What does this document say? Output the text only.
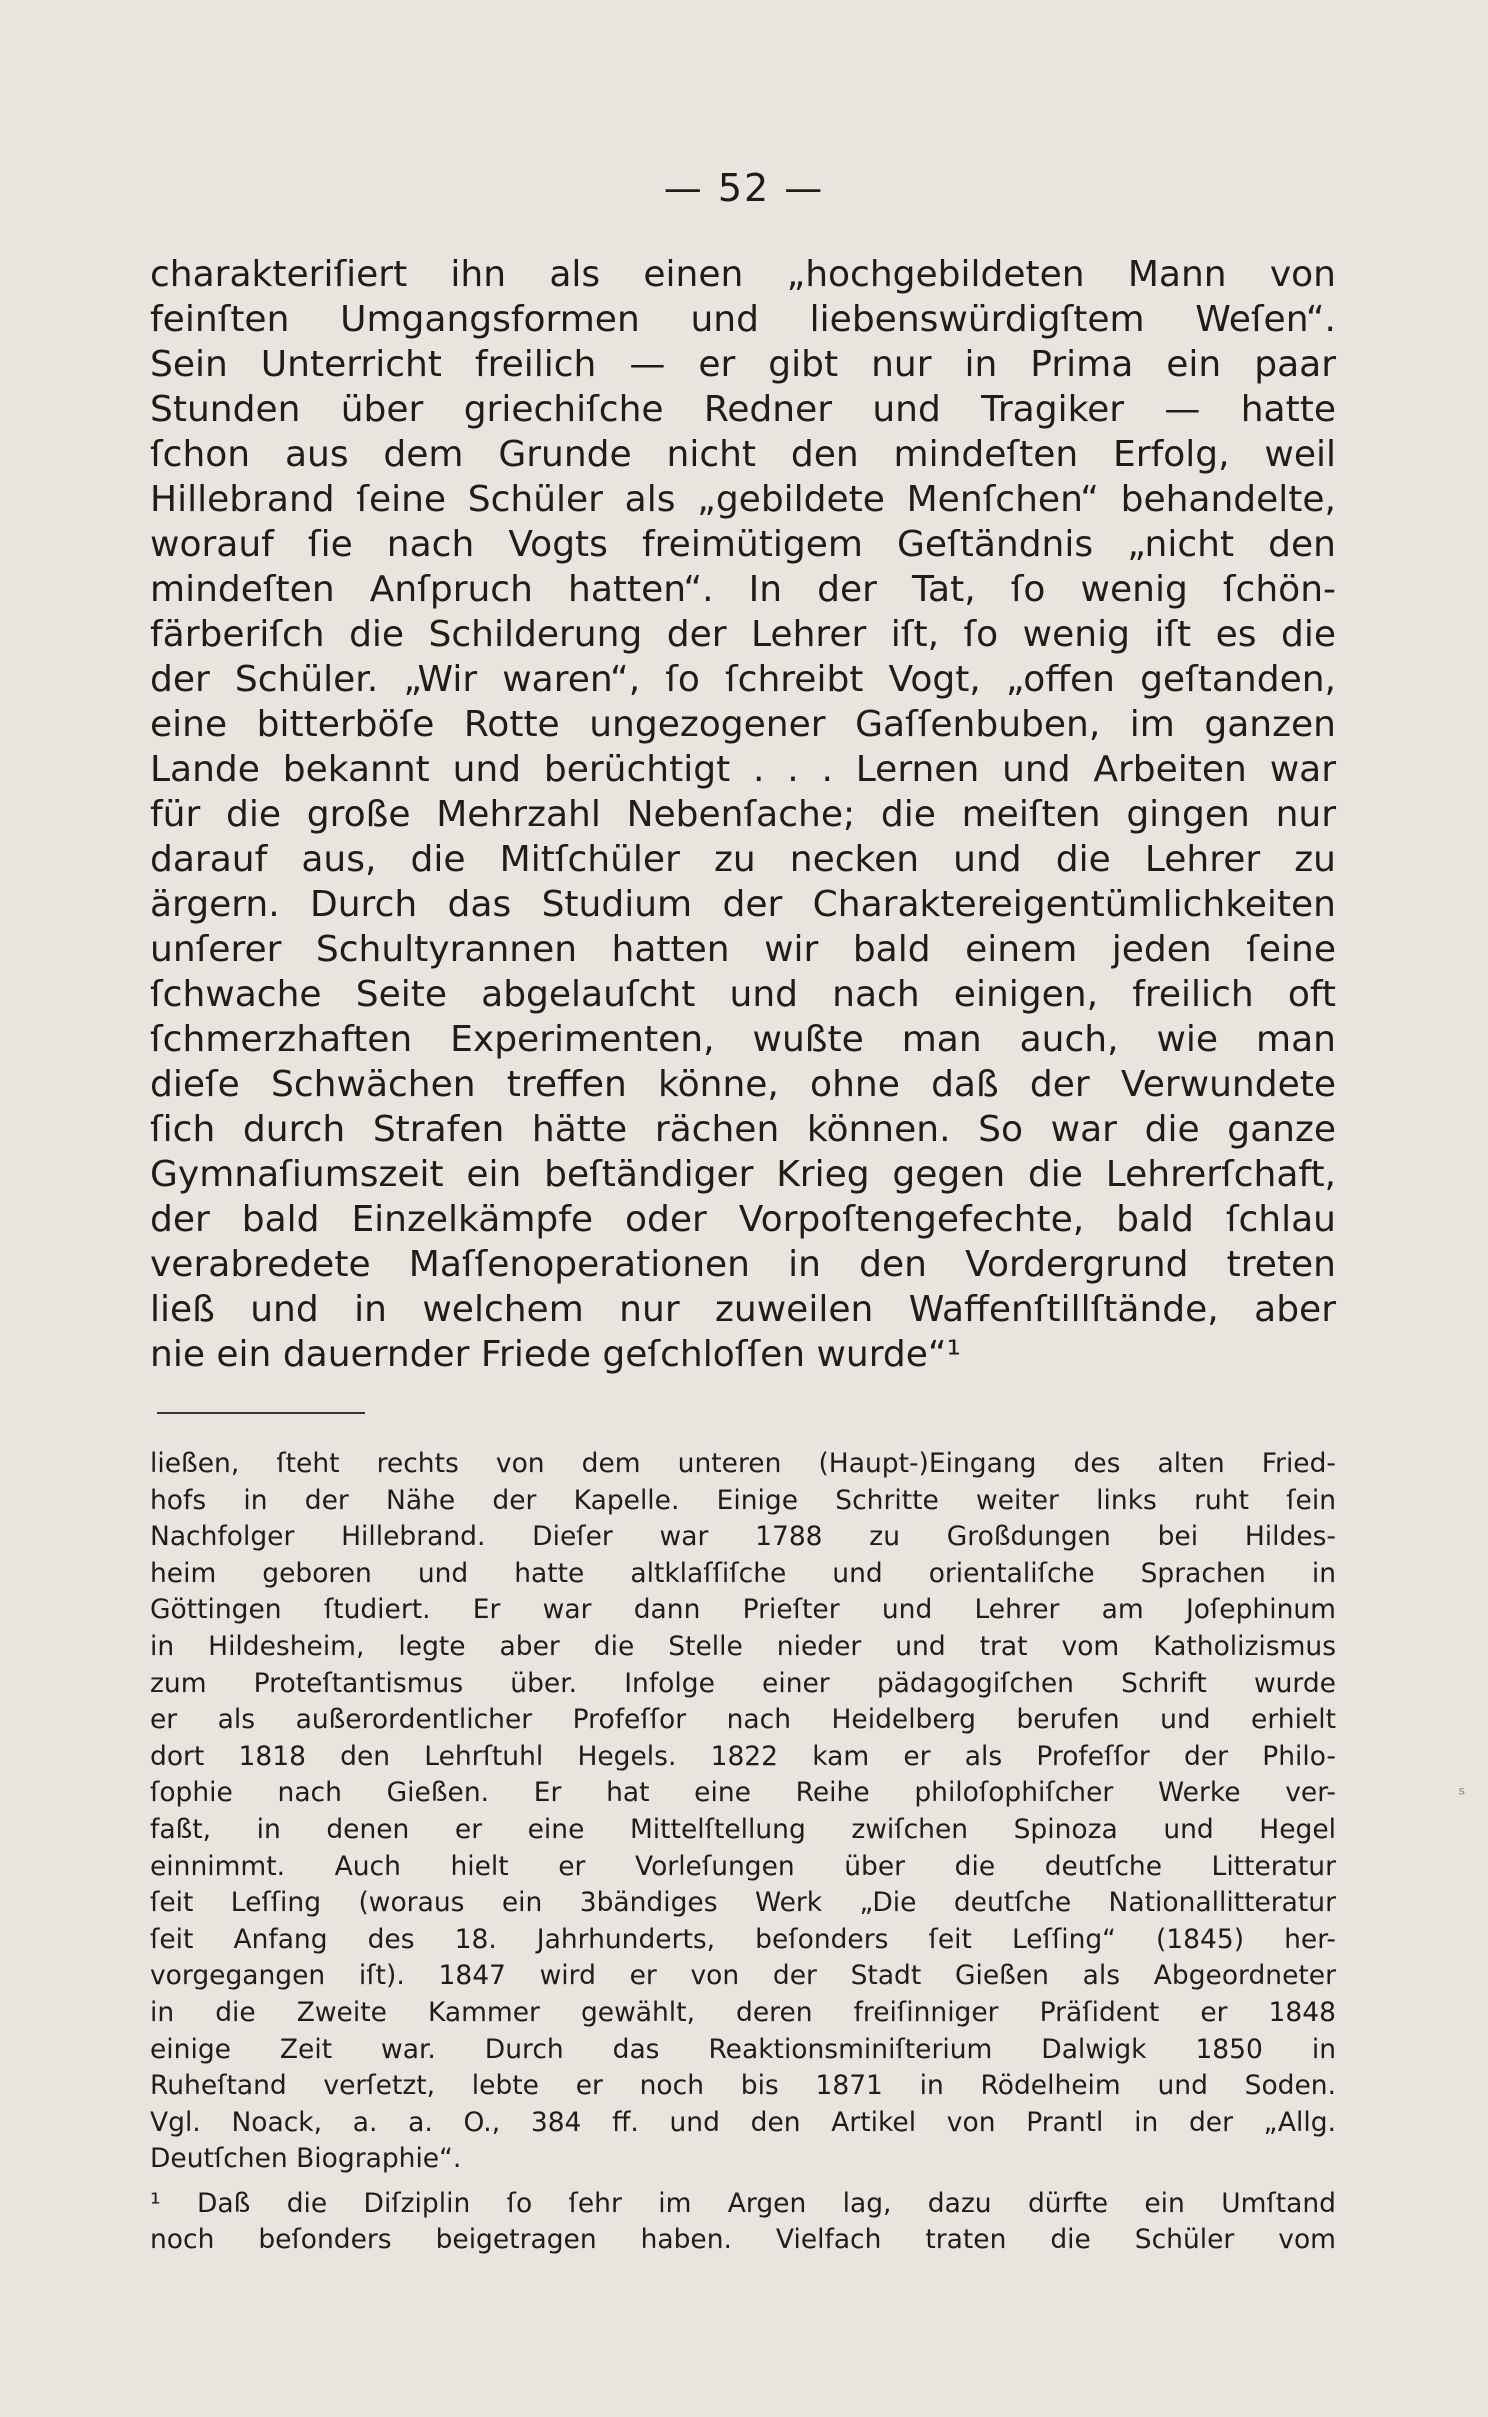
— 52 —
charakteriſiert ihn als einen „hochgebildeten Mann von
feinſten Umgangsformen und liebenswürdigſtem Weſen“.
Sein Unterricht freilich — er gibt nur in Prima ein paar
Stunden über griechiſche Redner und Tragiker — hatte
ſchon aus dem Grunde nicht den mindeſten Erfolg, weil
Hillebrand ſeine Schüler als „gebildete Menſchen“ behandelte,
worauf ſie nach Vogts freimütigem Geſtändnis „nicht den
mindeſten Anſpruch hatten“. In der Tat, ſo wenig ſchön-
färberiſch die Schilderung der Lehrer iſt, ſo wenig iſt es die
der Schüler. „Wir waren“, ſo ſchreibt Vogt, „offen geſtanden,
eine bitterböſe Rotte ungezogener Gaſſenbuben, im ganzen
Lande bekannt und berüchtigt . . . Lernen und Arbeiten war
für die große Mehrzahl Nebenſache; die meiſten gingen nur
darauf aus, die Mitſchüler zu necken und die Lehrer zu
ärgern. Durch das Studium der Charaktereigentümlichkeiten
unſerer Schultyrannen hatten wir bald einem jeden ſeine
ſchwache Seite abgelauſcht und nach einigen, freilich oft
ſchmerzhaften Experimenten, wußte man auch, wie man
dieſe Schwächen treffen könne, ohne daß der Verwundete
ſich durch Strafen hätte rächen können. So war die ganze
Gymnaſiumszeit ein beſtändiger Krieg gegen die Lehrerſchaft,
der bald Einzelkämpfe oder Vorpoſtengefechte, bald ſchlau
verabredete Maſſenoperationen in den Vordergrund treten
ließ und in welchem nur zuweilen Waffenſtillſtände, aber
nie ein dauernder Friede geſchloſſen wurde“¹
ließen, ſteht rechts von dem unteren (Haupt-)Eingang des alten Fried-
hofs in der Nähe der Kapelle. Einige Schritte weiter links ruht ſein
Nachfolger Hillebrand. Dieſer war 1788 zu Großdungen bei Hildes-
heim geboren und hatte altklaſſiſche und orientaliſche Sprachen in
Göttingen ſtudiert. Er war dann Prieſter und Lehrer am Joſephinum
in Hildesheim, legte aber die Stelle nieder und trat vom Katholizismus
zum Proteſtantismus über. Infolge einer pädagogiſchen Schrift wurde
er als außerordentlicher Profeſſor nach Heidelberg berufen und erhielt
dort 1818 den Lehrſtuhl Hegels. 1822 kam er als Profeſſor der Philo-
ſophie nach Gießen. Er hat eine Reihe philoſophiſcher Werke ver-
faßt, in denen er eine Mittelſtellung zwiſchen Spinoza und Hegel
einnimmt. Auch hielt er Vorleſungen über die deutſche Litteratur
ſeit Leſſing (woraus ein 3bändiges Werk „Die deutſche Nationallitteratur
ſeit Anfang des 18. Jahrhunderts, beſonders ſeit Leſſing“ (1845) her-
vorgegangen iſt). 1847 wird er von der Stadt Gießen als Abgeordneter
in die Zweite Kammer gewählt, deren freiſinniger Präſident er 1848
einige Zeit war. Durch das Reaktionsminiſterium Dalwigk 1850 in
Ruheſtand verſetzt, lebte er noch bis 1871 in Rödelheim und Soden.
Vgl. Noack, a. a. O., 384 ff. und den Artikel von Prantl in der „Allg.
Deutſchen Biographie“.
¹ Daß die Diſziplin ſo ſehr im Argen lag, dazu dürfte ein Umſtand
noch beſonders beigetragen haben. Vielfach traten die Schüler vom
ˢ
